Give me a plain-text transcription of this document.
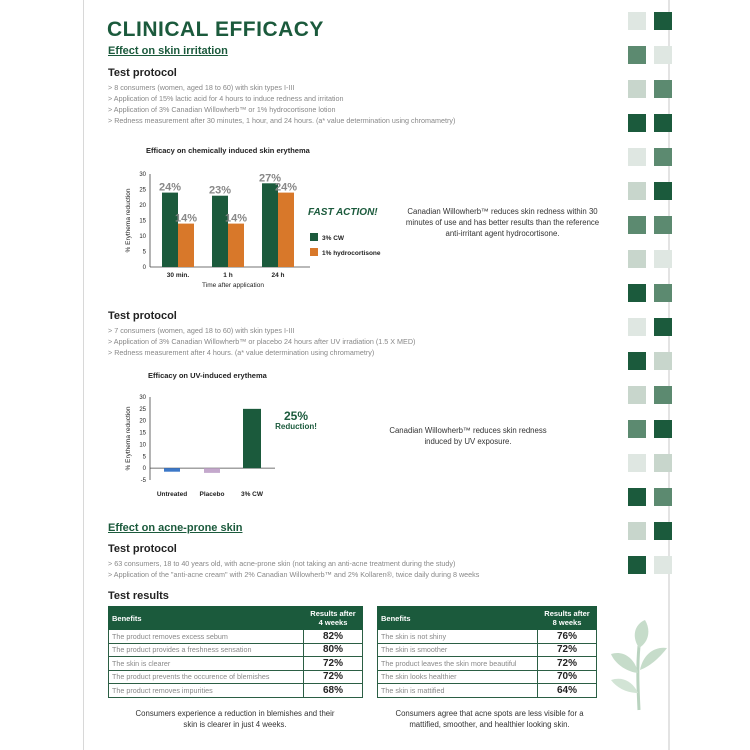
CLINICAL EFFICACY
Effect on skin irritation
Test protocol
> 8 consumers (women, aged 18 to 60) with skin types I-III
> Application of 15% lactic acid for 4 hours to induce redness and irritation
> Application of 3% Canadian Willowherb™ or 1% hydrocortisone lotion
> Redness measurement after 30 minutes, 1 hour, and 24 hours. (a* value determination using chromametry)
Efficacy on chemically induced skin erythema
0
5
10
15
20
25
30
% Erythema reduction
24%
14%
30 min.
23%
14%
1 h
27%
24%
24 h
Time after application
FAST ACTION!
3% CW
1% hydrocortisone
Canadian Willowherb™ reduces skin redness within 30 minutes of use and has better results than the reference anti-irritant agent hydrocortisone.
Test protocol
> 7 consumers (women, aged 18 to 60) with skin types I-III
> Application of 3% Canadian Willowherb™ or placebo 24 hours after UV irradiation (1.5 X MED)
> Redness measurement after 4 hours. (a* value determination using chromametry)
Efficacy on UV-induced erythema
-5
0
5
10
15
20
25
30
% Erythema reduction
Untreated Placebo	3% CW
25%
Reduction!	Canadian Willowherb™ reduces skin redness induced by UV exposure.
Effect on acne-prone skin
Test protocol
> 63 consumers, 18 to 40 years old, with acne-prone skin (not taking an anti-acne treatment during the study)
> Application of the "anti-acne cream" with 2% Canadian Willowherb™ and 2% Kollaren®, twice daily during 8 weeks
Test results
Benefits	Results after
4 weeks
The product removes excess sebum	82%
The product provides a freshness sensation	80%
The skin is clearer	72%
The product prevents the occurence of blemishes	72%
The product removes impurities	68%
Benefits	Results after
8 weeks
The skin is not shiny	76%
The skin is smoother	72%
The product leaves the skin more beautiful	72%
The skin looks healthier	70%
The skin is mattified	64%
Consumers experience a reduction in blemishes and their skin is clearer in just 4 weeks.
Consumers agree that acne spots are less visible for a mattified, smoother, and healthier looking skin.
